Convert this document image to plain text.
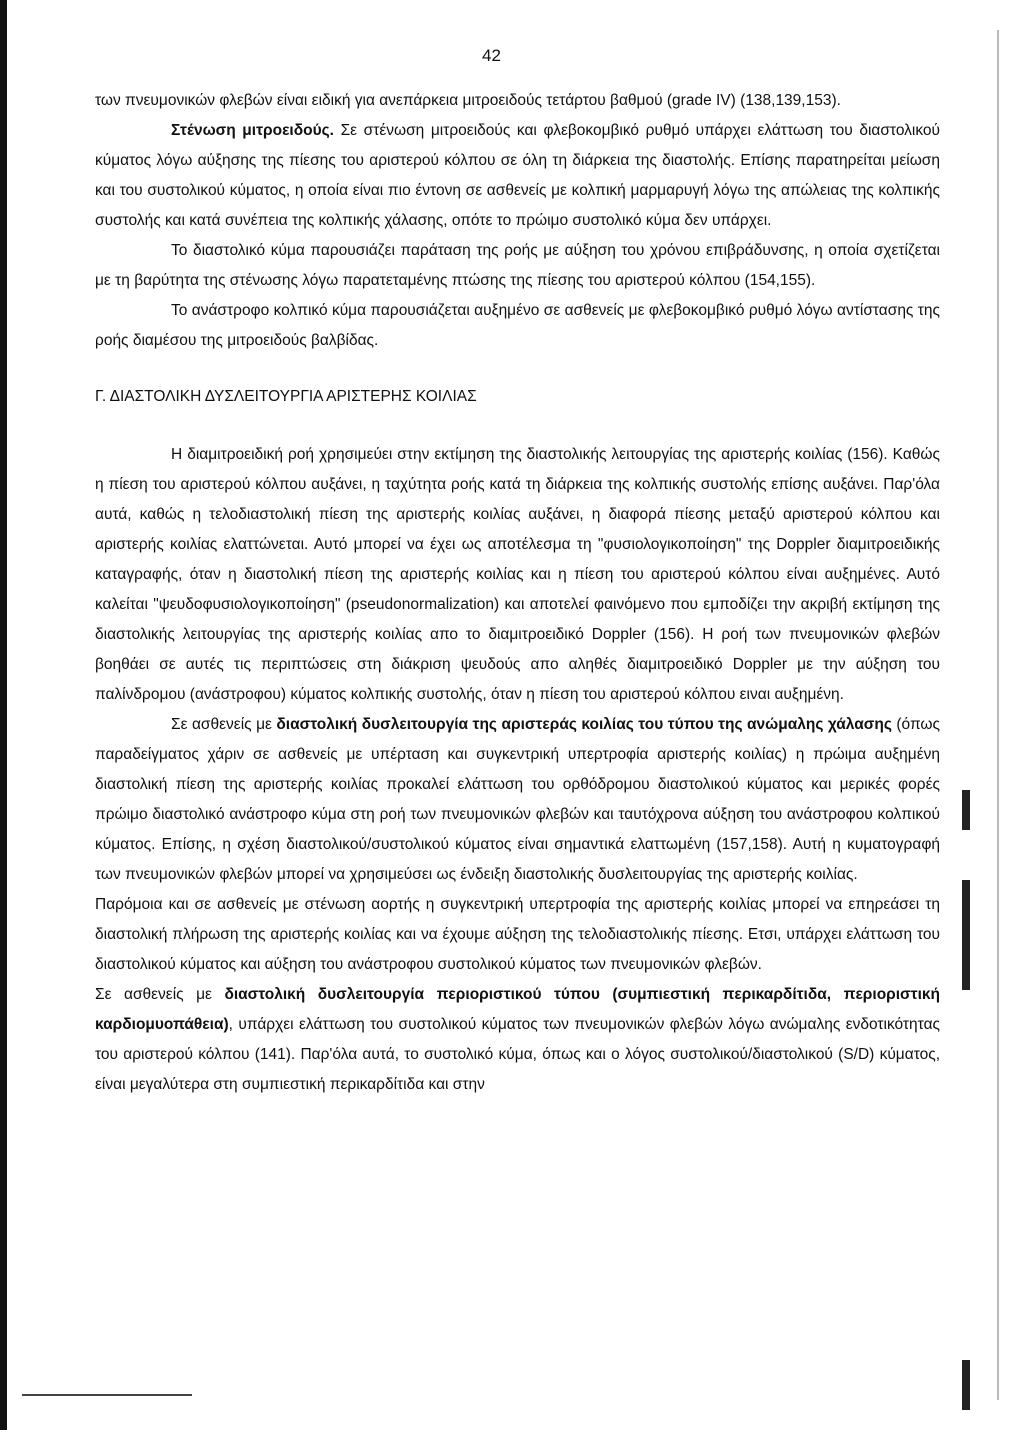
42

των πνευμονικών φλεβών είναι ειδική για ανεπάρκεια μιτροειδούς τετάρτου βαθμού (grade IV) (138,139,153).

Στένωση μιτροειδούς. Σε στένωση μιτροειδούς και φλεβοκομβικό ρυθμό υπάρχει ελάττωση του διαστολικού κύματος λόγω αύξησης της πίεσης του αριστερού κόλπου σε όλη τη διάρκεια της διαστολής. Επίσης παρατηρείται μείωση και του συστολικού κύματος, η οποία είναι πιο έντονη σε ασθενείς με κολπική μαρμαρυγή λόγω της απώλειας της κολπικής συστολής και κατά συνέπεια της κολπικής χάλασης, οπότε το πρώιμο συστολικό κύμα δεν υπάρχει.

Το διαστολικό κύμα παρουσιάζει παράταση της ροής με αύξηση του χρόνου επιβράδυνσης, η οποία σχετίζεται με τη βαρύτητα της στένωσης λόγω παρατεταμένης πτώσης της πίεσης του αριστερού κόλπου (154,155).

Το ανάστροφο κολπικό κύμα παρουσιάζεται αυξημένο σε ασθενείς με φλεβοκομβικό ρυθμό λόγω αντίστασης της ροής διαμέσου της μιτροειδούς βαλβίδας.

Γ. ΔΙΑΣΤΟΛΙΚΗ ΔΥΣΛΕΙΤΟΥΡΓΙΑ ΑΡΙΣΤΕΡΗΣ ΚΟΙΛΙΑΣ

Η διαμιτροειδική ροή χρησιμεύει στην εκτίμηση της διαστολικής λειτουργίας της αριστερής κοιλίας (156). Καθώς η πίεση του αριστερού κόλπου αυξάνει, η ταχύτητα ροής κατά τη διάρκεια της κολπικής συστολής επίσης αυξάνει. Παρ'όλα αυτά, καθώς η τελοδιαστολική πίεση της αριστερής κοιλίας αυξάνει, η διαφορά πίεσης μεταξύ αριστερού κόλπου και αριστερής κοιλίας ελαττώνεται. Αυτό μπορεί να έχει ως αποτέλεσμα τη "φυσιολογικοποίηση" της Doppler διαμιτροειδικής καταγραφής, όταν η διαστολική πίεση της αριστερής κοιλίας και η πίεση του αριστερού κόλπου είναι αυξημένες. Αυτό καλείται "ψευδοφυσιολογικοποίηση" (pseudonormalization) και αποτελεί φαινόμενο που εμποδίζει την ακριβή εκτίμηση της διαστολικής λειτουργίας της αριστερής κοιλίας απο το διαμιτροειδικό Doppler (156). Η ροή των πνευμονικών φλεβών βοηθάει σε αυτές τις περιπτώσεις στη διάκριση ψευδούς απο αληθές διαμιτροειδικό Doppler με την αύξηση του παλίνδρομου (ανάστροφου) κύματος κολπικής συστολής, όταν η πίεση του αριστερού κόλπου ειναι αυξημένη.

Σε ασθενείς με διαστολική δυσλειτουργία της αριστεράς κοιλίας του τύπου της ανώμαλης χάλασης (όπως παραδείγματος χάριν σε ασθενείς με υπέρταση και συγκεντρική υπερτροφία αριστερής κοιλίας) η πρώιμα αυξημένη διαστολική πίεση της αριστερής κοιλίας προκαλεί ελάττωση του ορθόδρομου διαστολικού κύματος και μερικές φορές πρώιμο διαστολικό ανάστροφο κύμα στη ροή των πνευμονικών φλεβών και ταυτόχρονα αύξηση του ανάστροφου κολπικού κύματος. Επίσης, η σχέση διαστολικού/συστολικού κύματος είναι σημαντικά ελαττωμένη (157,158). Αυτή η κυματογραφή των πνευμονικών φλεβών μπορεί να χρησιμεύσει ως ένδειξη διαστολικής δυσλειτουργίας της αριστερής κοιλίας.

Παρόμοια και σε ασθενείς με στένωση αορτής η συγκεντρική υπερτροφία της αριστερής κοιλίας μπορεί να επηρεάσει τη διαστολική πλήρωση της αριστερής κοιλίας και να έχουμε αύξηση της τελοδιαστολικής πίεσης. Ετσι, υπάρχει ελάττωση του διαστολικού κύματος και αύξηση του ανάστροφου συστολικού κύματος των πνευμονικών φλεβών.

Σε ασθενείς με διαστολική δυσλειτουργία περιοριστικού τύπου (συμπιεστική περικαρδίτιδα, περιοριστική καρδιομυοπάθεια), υπάρχει ελάττωση του συστολικού κύματος των πνευμονικών φλεβών λόγω ανώμαλης ενδοτικότητας του αριστερού κόλπου (141). Παρ'όλα αυτά, το συστολικό κύμα, όπως και ο λόγος συστολικού/διαστολικού (S/D) κύματος, είναι μεγαλύτερα στη συμπιεστική περικαρδίτιδα και στην
